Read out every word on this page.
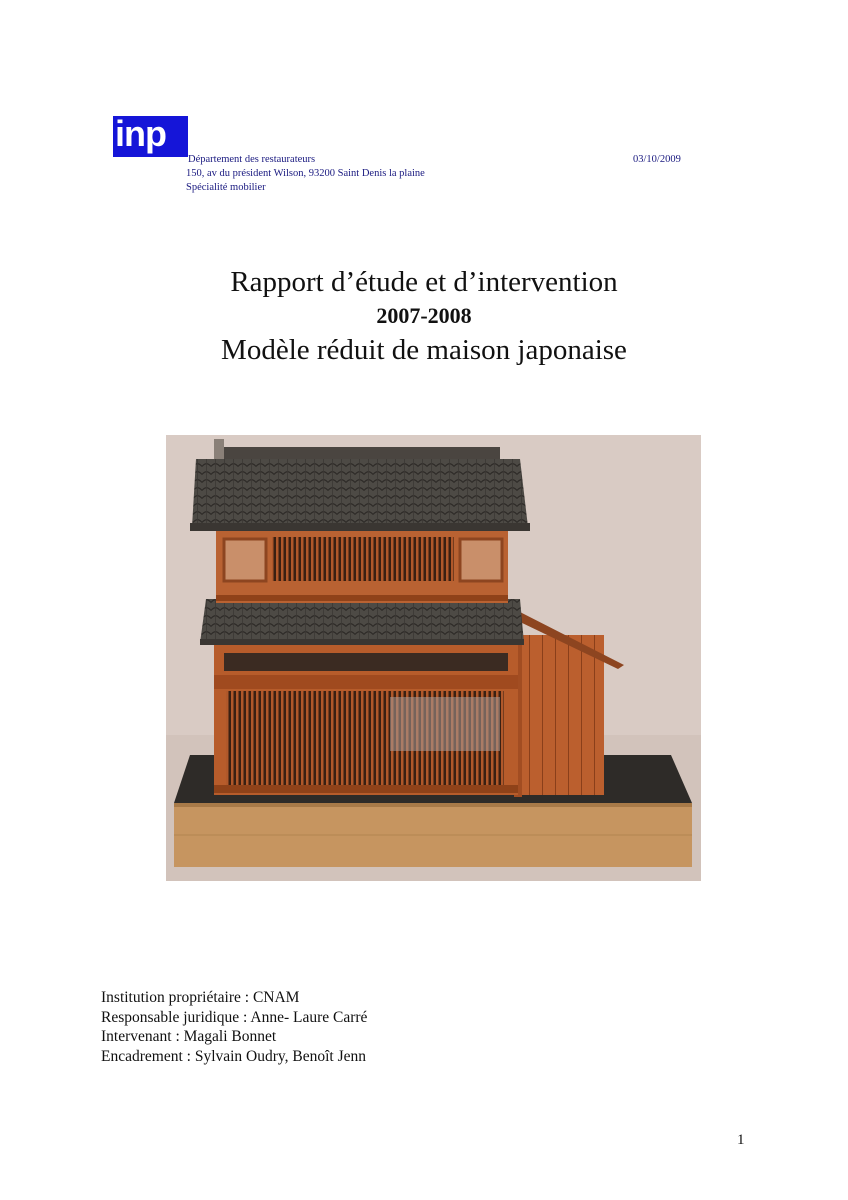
inp
Département des restaurateurs
150, av du président Wilson, 93200 Saint Denis la plaine
Spécialité mobilier
03/10/2009
Rapport d’étude et d’intervention
2007-2008
Modèle réduit de maison japonaise
Institution propriétaire : CNAM
Responsable juridique : Anne- Laure Carré
Intervenant : Magali Bonnet
Encadrement : Sylvain Oudry, Benoît Jenn
1
